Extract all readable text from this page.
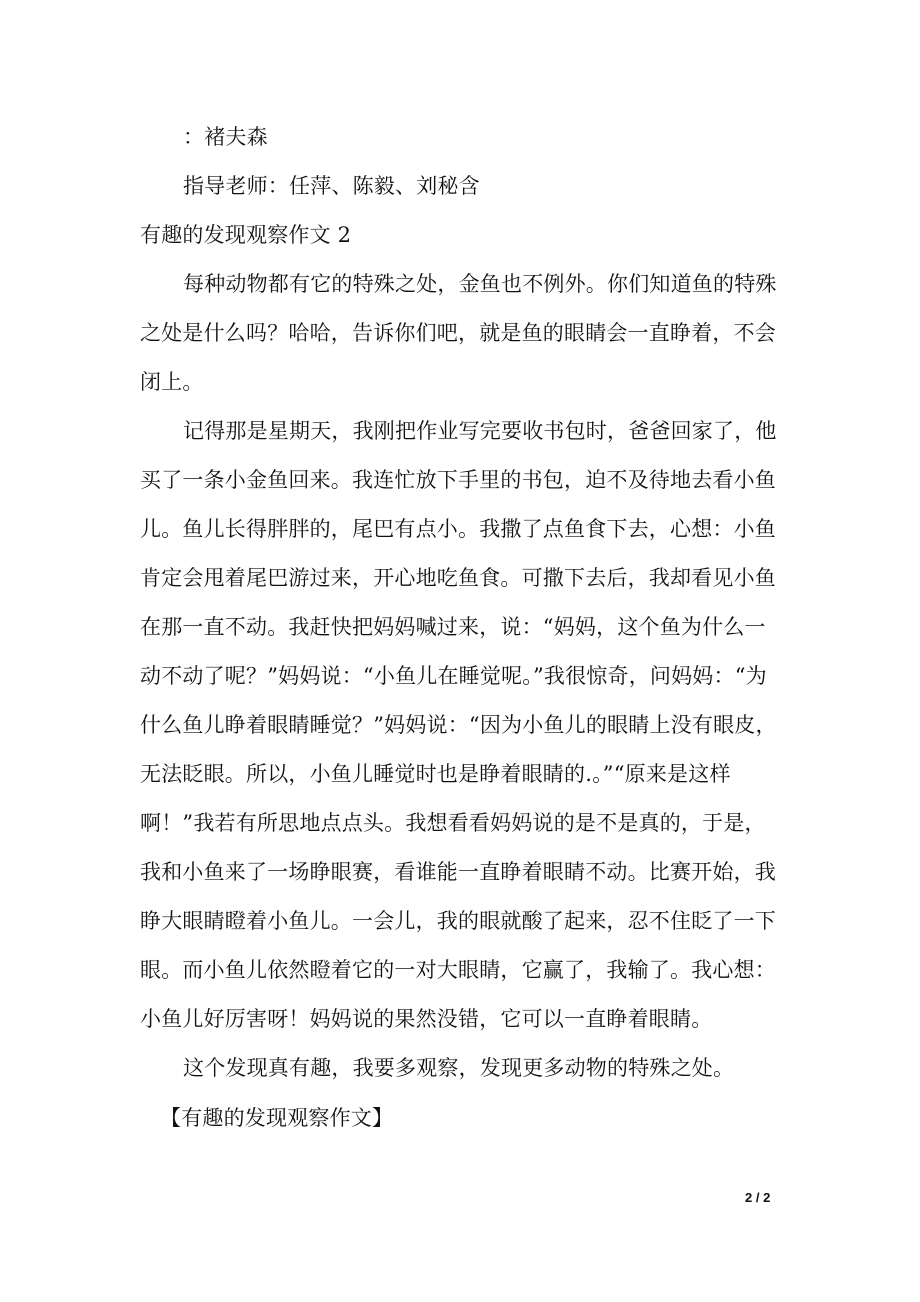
：褚夫森
指导老师：任萍、陈毅、刘秘含
有趣的发现观察作文 2
每种动物都有它的特殊之处，金鱼也不例外。你们知道鱼的特殊
之处是什么吗？哈哈，告诉你们吧，就是鱼的眼睛会一直睁着，不会
闭上。
记得那是星期天，我刚把作业写完要收书包时，爸爸回家了，他
买了一条小金鱼回来。我连忙放下手里的书包，迫不及待地去看小鱼
儿。鱼儿长得胖胖的，尾巴有点小。我撒了点鱼食下去，心想：小鱼
肯定会甩着尾巴游过来，开心地吃鱼食。可撒下去后，我却看见小鱼
在那一直不动。我赶快把妈妈喊过来，说：“妈妈，这个鱼为什么一
动不动了呢？”妈妈说：“小鱼儿在睡觉呢。”我很惊奇，问妈妈：“为
什么鱼儿睁着眼睛睡觉？”妈妈说：“因为小鱼儿的眼睛上没有眼皮，
无法眨眼。所以，小鱼儿睡觉时也是睁着眼睛的.。”“原来是这样
啊！”我若有所思地点点头。我想看看妈妈说的是不是真的，于是，
我和小鱼来了一场睁眼赛，看谁能一直睁着眼睛不动。比赛开始，我
睁大眼睛瞪着小鱼儿。一会儿，我的眼就酸了起来，忍不住眨了一下
眼。而小鱼儿依然瞪着它的一对大眼睛，它赢了，我输了。我心想：
小鱼儿好厉害呀！妈妈说的果然没错，它可以一直睁着眼睛。
这个发现真有趣，我要多观察，发现更多动物的特殊之处。
【有趣的发现观察作文】
2 / 2
